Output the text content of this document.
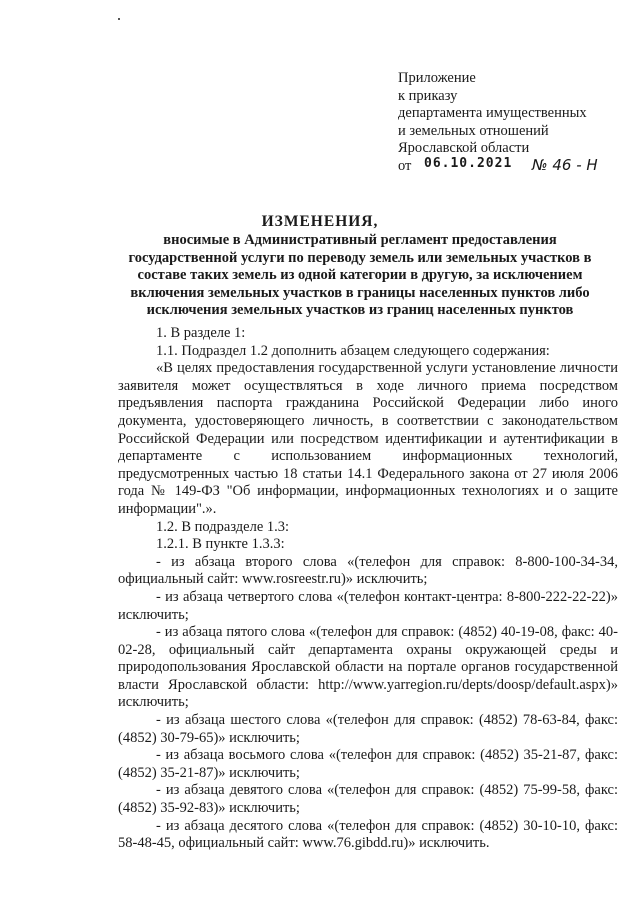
Приложение
к приказу
департамента имущественных
и земельных отношений
Ярославской области
от 06.10.2021 № 46 - Н
ИЗМЕНЕНИЯ,
вносимые в Административный регламент предоставления государственной услуги по переводу земель или земельных участков в составе таких земель из одной категории в другую, за исключением включения земельных участков в границы населенных пунктов либо исключения земельных участков из границ населенных пунктов

1. В разделе 1:

1.1. Подраздел 1.2 дополнить абзацем следующего содержания:

«В целях предоставления государственной услуги установление личности заявителя может осуществляться в ходе личного приема посредством предъявления паспорта гражданина Российской Федерации либо иного документа, удостоверяющего личность, в соответствии с законодательством Российской Федерации или посредством идентификации и аутентификации в департаменте с использованием информационных технологий, предусмотренных частью 18 статьи 14.1 Федерального закона от 27 июля 2006 года № 149-ФЗ "Об информации, информационных технологиях и о защите информации".».

1.2. В подразделе 1.3:

1.2.1. В пункте 1.3.3:

- из абзаца второго слова «(телефон для справок: 8-800-100-34-34, официальный сайт: www.rosreestr.ru)» исключить;

- из абзаца четвертого слова «(телефон контакт-центра: 8-800-222-22-22)» исключить;

- из абзаца пятого слова «(телефон для справок: (4852) 40-19-08, факс: 40-02-28, официальный сайт департамента охраны окружающей среды и природопользования Ярославской области на портале органов государственной власти Ярославской области: http://www.yarregion.ru/depts/doosp/default.aspx)» исключить;

- из абзаца шестого слова «(телефон для справок: (4852) 78-63-84, факс: (4852) 30-79-65)» исключить;

- из абзаца восьмого слова «(телефон для справок: (4852) 35-21-87, факс: (4852) 35-21-87)» исключить;

- из абзаца девятого слова «(телефон для справок: (4852) 75-99-58, факс: (4852) 35-92-83)» исключить;

- из абзаца десятого слова «(телефон для справок: (4852) 30-10-10, факс: 58-48-45, официальный сайт: www.76.gibdd.ru)» исключить.
